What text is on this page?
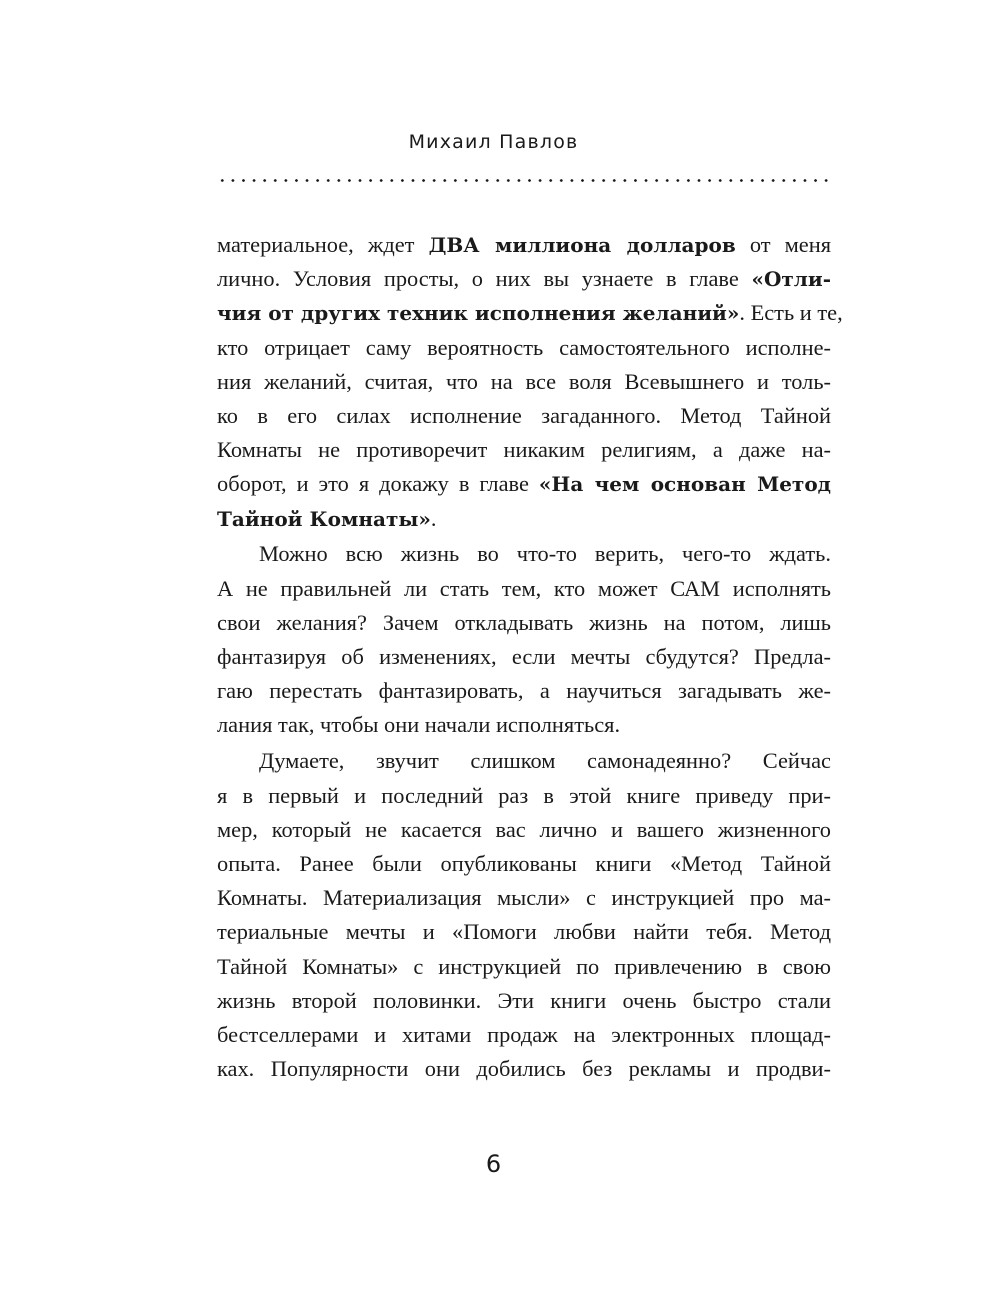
Михаил Павлов
материальное, ждет ДВА миллиона долларов от меня
лично. Условия просты, о них вы узнаете в главе «Отли-
чия от других техник исполнения желаний». Есть и те,
кто отрицает саму вероятность самостоятельного исполне-
ния желаний, считая, что на все воля Всевышнего и толь-
ко в его силах исполнение загаданного. Метод Тайной
Комнаты не противоречит никаким религиям, а даже на-
оборот, и это я докажу в главе «На чем основан Метод
Тайной Комнаты».
Можно всю жизнь во что-то верить, чего-то ждать.
А не правильней ли стать тем, кто может САМ исполнять
свои желания? Зачем откладывать жизнь на потом, лишь
фантазируя об изменениях, если мечты сбудутся? Предла-
гаю перестать фантазировать, а научиться загадывать же-
лания так, чтобы они начали исполняться.
Думаете, звучит слишком самонадеянно? Сейчас
я в первый и последний раз в этой книге приведу при-
мер, который не касается вас лично и вашего жизненного
опыта. Ранее были опубликованы книги «Метод Тайной
Комнаты. Материализация мысли» с инструкцией про ма-
териальные мечты и «Помоги любви найти тебя. Метод
Тайной Комнаты» с инструкцией по привлечению в свою
жизнь второй половинки. Эти книги очень быстро стали
бестселлерами и хитами продаж на электронных площад-
ках. Популярности они добились без рекламы и продви-
6
